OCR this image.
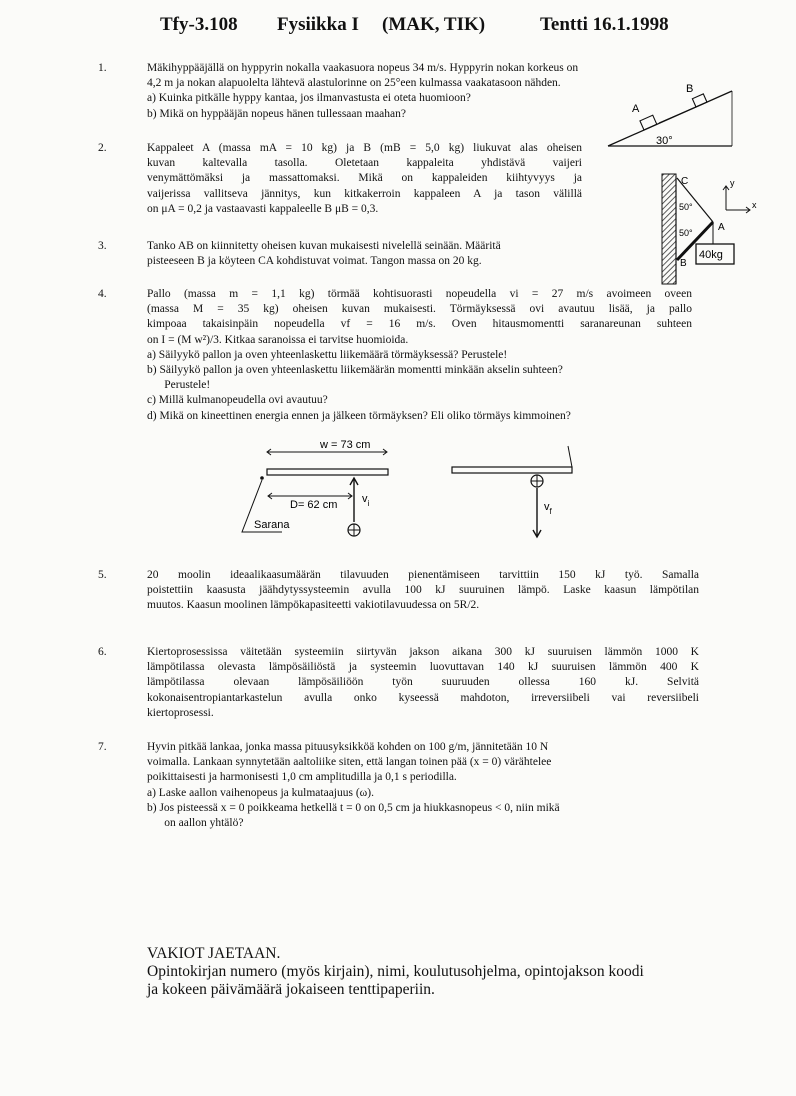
Tfy-3.108 Fysiikka I (MAK, TIK)	Tentti 16.1.1998
1.	Mäkihyppääjällä on hyppyrin nokalla vaakasuora nopeus 34 m/s. Hyppyrin nokan korkeus on
4,2 m ja nokan alapuolelta lähtevä alastulorinne on 25°een kulmassa vaakatasoon nähden.
a) Kuinka pitkälle hyppy kantaa, jos ilmanvastusta ei oteta huomioon?
b) Mikä on hyppääjän nopeus hänen tullessaan maahan?	A
B
30°
2.	Kappaleet A (massa mA = 10 kg) ja B (mB = 5,0 kg) liukuvat alas oheisen
kuvan kaltevalla tasolla. Oletetaan kappaleita yhdistävä vaijeri
venymättömäksi ja massattomaksi. Mikä on kappaleiden kiihtyvyys ja
vaijerissa vallitseva jännitys, kun kitkakerroin kappaleen A ja tason välillä
on μA = 0,2 ja vastaavasti kappaleelle B μB = 0,3.
40kg
C
A
B
50°
50°
x
y
3.	Tanko AB on kiinnitetty oheisen kuvan mukaisesti nivelellä seinään. Määritä
pisteeseen B ja köyteen CA kohdistuvat voimat. Tangon massa on 20 kg.
4.	Pallo (massa m = 1,1 kg) törmää kohtisuorasti nopeudella vi = 27 m/s avoimeen oveen
(massa M = 35 kg) oheisen kuvan mukaisesti. Törmäyksessä ovi avautuu lisää, ja pallo
kimpoaa takaisinpäin nopeudella vf = 16 m/s. Oven hitausmomentti saranareunan suhteen
on I = (M w²)/3. Kitkaa saranoissa ei tarvitse huomioida.
a) Säilyykö pallon ja oven yhteenlaskettu liikemäärä törmäyksessä? Perustele!
b) Säilyykö pallon ja oven yhteenlaskettu liikemäärän momentti minkään akselin suhteen?
Perustele!
c) Millä kulmanopeudella ovi avautuu?
d) Mikä on kineettinen energia ennen ja jälkeen törmäyksen? Eli oliko törmäys kimmoinen?
w = 73 cm
D= 62 cm $v_i$
Sarana
$v_f$
5.	20 moolin ideaalikaasumäärän tilavuuden pienentämiseen tarvittiin 150 kJ työ. Samalla
poistettiin kaasusta jäähdytyssysteemin avulla 100 kJ suuruinen lämpö. Laske kaasun lämpötilan
muutos. Kaasun moolinen lämpökapasiteetti vakiotilavuudessa on 5R/2.
6.	Kiertoprosessissa väitetään systeemiin siirtyvän jakson aikana 300 kJ suuruisen lämmön 1000 K
lämpötilassa olevasta lämpösäiliöstä ja systeemin luovuttavan 140 kJ suuruisen lämmön 400 K
lämpötilassa      olevaan      lämpösäiliöön      työn      suuruuden      ollessa      160      kJ.      Selvitä
kokonaisentropiantarkastelun avulla onko kyseessä mahdoton, irreversiibeli vai reversiibeli
kiertoprosessi.
7.	Hyvin pitkää lankaa, jonka massa pituusyksikköä kohden on 100 g/m, jännitetään 10 N
voimalla. Lankaan synnytetään aaltoliike siten, että langan toinen pää (x = 0) värähtelee
poikittaisesti ja harmonisesti 1,0 cm amplitudilla ja 0,1 s periodilla.
a) Laske aallon vaihenopeus ja kulmataajuus (ω).
b) Jos pisteessä x = 0 poikkeama hetkellä t = 0 on 0,5 cm ja hiukkasnopeus < 0, niin mikä
on aallon yhtälö?
VAKIOT JAETAAN.
Opintokirjan numero (myös kirjain), nimi, koulutusohjelma, opintojakson koodi
ja kokeen päivämäärä jokaiseen tenttipaperiin.
